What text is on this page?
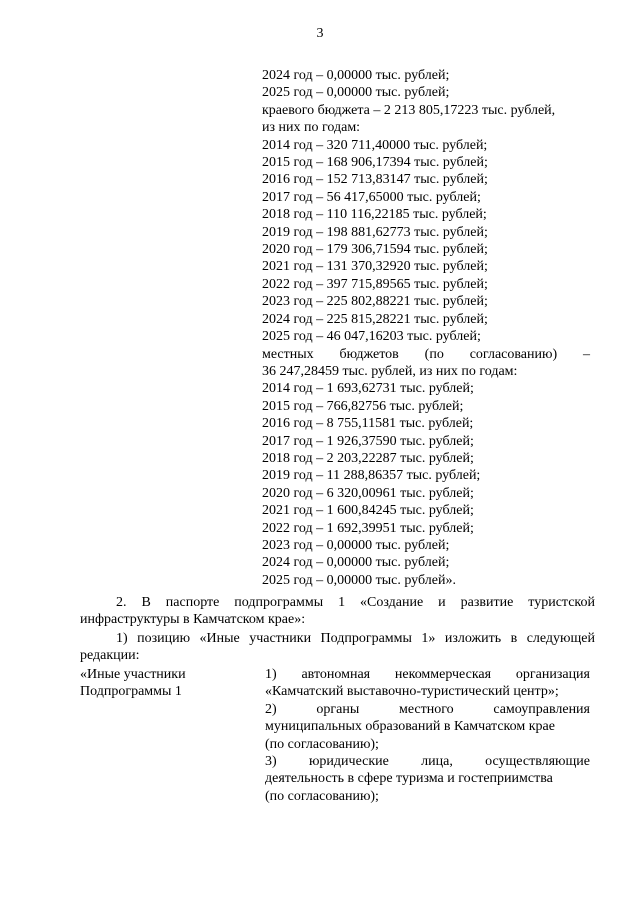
3
2024 год – 0,00000 тыс. рублей;
2025 год – 0,00000 тыс. рублей;
краевого бюджета – 2 213 805,17223 тыс. рублей,
из них по годам:
2014 год – 320 711,40000 тыс. рублей;
2015 год – 168 906,17394 тыс. рублей;
2016 год – 152 713,83147 тыс. рублей;
2017 год – 56 417,65000 тыс. рублей;
2018 год – 110 116,22185 тыс. рублей;
2019 год – 198 881,62773 тыс. рублей;
2020 год – 179 306,71594 тыс. рублей;
2021 год – 131 370,32920 тыс. рублей;
2022 год – 397 715,89565 тыс. рублей;
2023 год – 225 802,88221 тыс. рублей;
2024 год – 225 815,28221 тыс. рублей;
2025 год – 46 047,16203 тыс. рублей;
местных бюджетов (по согласованию) –
36 247,28459 тыс. рублей, из них по годам:
2014 год – 1 693,62731 тыс. рублей;
2015 год – 766,82756 тыс. рублей;
2016 год – 8 755,11581 тыс. рублей;
2017 год – 1 926,37590 тыс. рублей;
2018 год – 2 203,22287 тыс. рублей;
2019 год – 11 288,86357 тыс. рублей;
2020 год – 6 320,00961 тыс. рублей;
2021 год – 1 600,84245 тыс. рублей;
2022 год – 1 692,39951 тыс. рублей;
2023 год – 0,00000 тыс. рублей;
2024 год – 0,00000 тыс. рублей;
2025 год – 0,00000 тыс. рублей».
2. В паспорте подпрограммы 1 «Создание и развитие туристской
инфраструктуры в Камчатском крае»:
1) позицию «Иные участники Подпрограммы 1» изложить в следующей
редакции:
«Иные участники
Подпрограммы 1
1) автономная некоммерческая организация
«Камчатский выставочно-туристический центр»;
2) органы местного самоуправления
муниципальных образований в Камчатском крае
(по согласованию);
3) юридические лица, осуществляющие
деятельность в сфере туризма и гостеприимства
(по согласованию);
